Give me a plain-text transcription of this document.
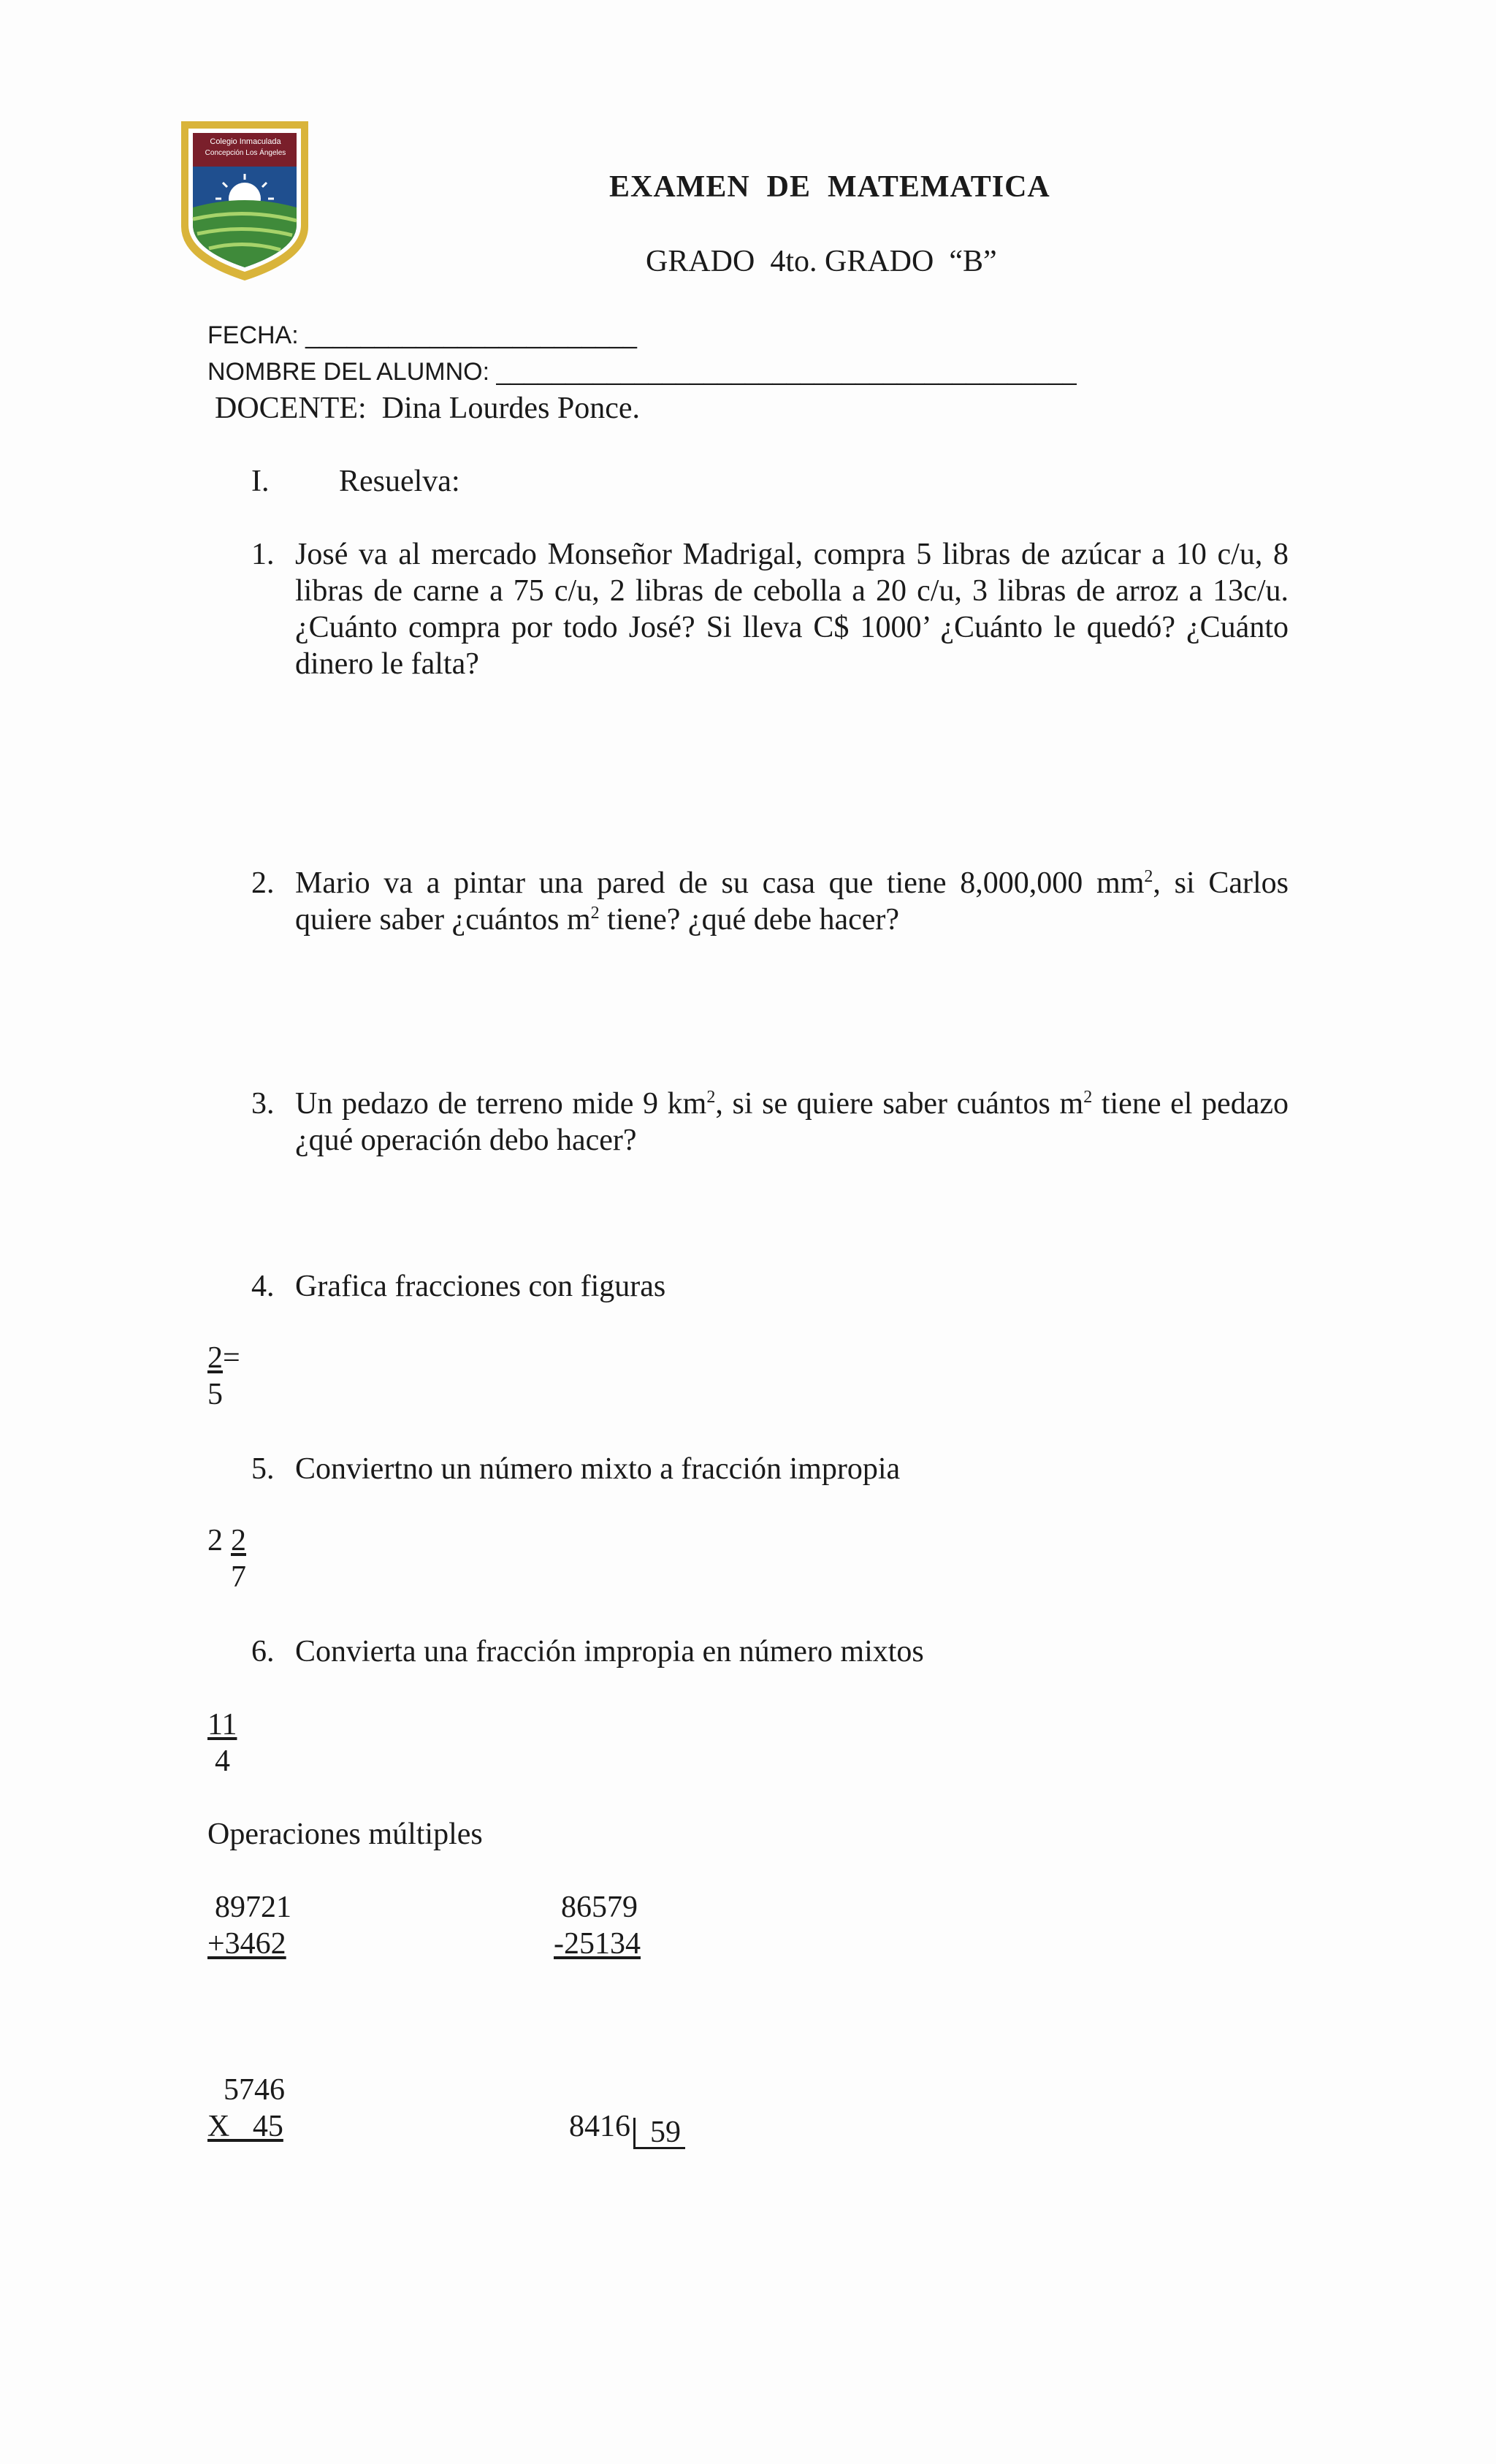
Colegio Inmaculada
Concepción Los Ángeles
EXAMEN  DE  MATEMATICA
GRADO  4to. GRADO  “B”
FECHA: ________________________
NOMBRE DEL ALUMNO: __________________________________________
DOCENTE:  Dina Lourdes Ponce.
I. Resuelva:
1. José va al mercado Monseñor Madrigal, compra 5 libras de azúcar a 10 c/u, 8 libras de carne a 75 c/u, 2 libras de cebolla a 20 c/u, 3 libras de arroz a 13c/u. ¿Cuánto compra por todo José? Si lleva C$ 1000’ ¿Cuánto le quedó? ¿Cuánto dinero le falta?
2. Mario va a pintar una pared de su casa que tiene 8,000,000 $mm^2$, si Carlos quiere saber ¿cuántos $m^2$ tiene? ¿qué debe hacer?
3. Un pedazo de terreno mide 9 $km^2$, si se quiere saber cuántos $m^2$ tiene el pedazo ¿qué operación debo hacer?
4. Grafica fracciones con figuras
2=
5
5. Conviertno un número mixto a fracción impropia
2 2
7
6. Convierta una fracción impropia en número mixtos
11
4
Operaciones múltiples
89721
+3462
86579
-25134
5746
X   45	8416 59
